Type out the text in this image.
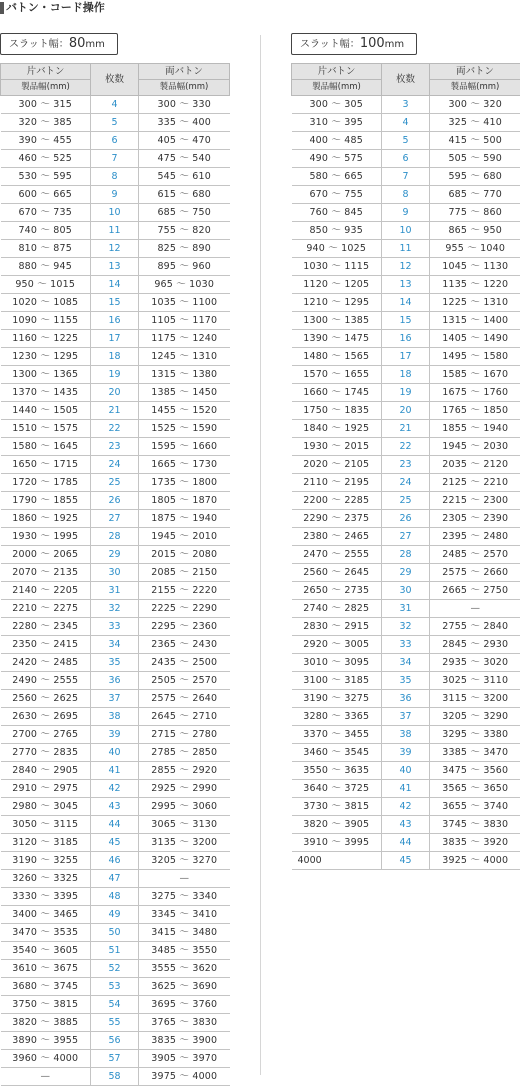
バトン・コード操作
スラット幅：80mm
片バトン	枚数	両バトン
製品幅(mm)		製品幅(mm)
300 ～ 315	4	300 ～ 330
320 ～ 385	5	335 ～ 400
390 ～ 455	6	405 ～ 470
460 ～ 525	7	475 ～ 540
530 ～ 595	8	545 ～ 610
600 ～ 665	9	615 ～ 680
670 ～ 735	10	685 ～ 750
740 ～ 805	11	755 ～ 820
810 ～ 875	12	825 ～ 890
880 ～ 945	13	895 ～ 960
950 ～ 1015	14	965 ～ 1030
1020 ～ 1085	15	1035 ～ 1100
1090 ～ 1155	16	1105 ～ 1170
1160 ～ 1225	17	1175 ～ 1240
1230 ～ 1295	18	1245 ～ 1310
1300 ～ 1365	19	1315 ～ 1380
1370 ～ 1435	20	1385 ～ 1450
1440 ～ 1505	21	1455 ～ 1520
1510 ～ 1575	22	1525 ～ 1590
1580 ～ 1645	23	1595 ～ 1660
1650 ～ 1715	24	1665 ～ 1730
1720 ～ 1785	25	1735 ～ 1800
1790 ～ 1855	26	1805 ～ 1870
1860 ～ 1925	27	1875 ～ 1940
1930 ～ 1995	28	1945 ～ 2010
2000 ～ 2065	29	2015 ～ 2080
2070 ～ 2135	30	2085 ～ 2150
2140 ～ 2205	31	2155 ～ 2220
2210 ～ 2275	32	2225 ～ 2290
2280 ～ 2345	33	2295 ～ 2360
2350 ～ 2415	34	2365 ～ 2430
2420 ～ 2485	35	2435 ～ 2500
2490 ～ 2555	36	2505 ～ 2570
2560 ～ 2625	37	2575 ～ 2640
2630 ～ 2695	38	2645 ～ 2710
2700 ～ 2765	39	2715 ～ 2780
2770 ～ 2835	40	2785 ～ 2850
2840 ～ 2905	41	2855 ～ 2920
2910 ～ 2975	42	2925 ～ 2990
2980 ～ 3045	43	2995 ～ 3060
3050 ～ 3115	44	3065 ～ 3130
3120 ～ 3185	45	3135 ～ 3200
3190 ～ 3255	46	3205 ～ 3270
3260 ～ 3325	47	—
3330 ～ 3395	48	3275 ～ 3340
3400 ～ 3465	49	3345 ～ 3410
3470 ～ 3535	50	3415 ～ 3480
3540 ～ 3605	51	3485 ～ 3550
3610 ～ 3675	52	3555 ～ 3620
3680 ～ 3745	53	3625 ～ 3690
3750 ～ 3815	54	3695 ～ 3760
3820 ～ 3885	55	3765 ～ 3830
3890 ～ 3955	56	3835 ～ 3900
3960 ～ 4000	57	3905 ～ 3970
—	58	3975 ～ 4000
スラット幅：100mm
片バトン	枚数	両バトン
製品幅(mm)		製品幅(mm)
300 ～ 305	3	300 ～ 320
310 ～ 395	4	325 ～ 410
400 ～ 485	5	415 ～ 500
490 ～ 575	6	505 ～ 590
580 ～ 665	7	595 ～ 680
670 ～ 755	8	685 ～ 770
760 ～ 845	9	775 ～ 860
850 ～ 935	10	865 ～ 950
940 ～ 1025	11	955 ～ 1040
1030 ～ 1115	12	1045 ～ 1130
1120 ～ 1205	13	1135 ～ 1220
1210 ～ 1295	14	1225 ～ 1310
1300 ～ 1385	15	1315 ～ 1400
1390 ～ 1475	16	1405 ～ 1490
1480 ～ 1565	17	1495 ～ 1580
1570 ～ 1655	18	1585 ～ 1670
1660 ～ 1745	19	1675 ～ 1760
1750 ～ 1835	20	1765 ～ 1850
1840 ～ 1925	21	1855 ～ 1940
1930 ～ 2015	22	1945 ～ 2030
2020 ～ 2105	23	2035 ～ 2120
2110 ～ 2195	24	2125 ～ 2210
2200 ～ 2285	25	2215 ～ 2300
2290 ～ 2375	26	2305 ～ 2390
2380 ～ 2465	27	2395 ～ 2480
2470 ～ 2555	28	2485 ～ 2570
2560 ～ 2645	29	2575 ～ 2660
2650 ～ 2735	30	2665 ～ 2750
2740 ～ 2825	31	—
2830 ～ 2915	32	2755 ～ 2840
2920 ～ 3005	33	2845 ～ 2930
3010 ～ 3095	34	2935 ～ 3020
3100 ～ 3185	35	3025 ～ 3110
3190 ～ 3275	36	3115 ～ 3200
3280 ～ 3365	37	3205 ～ 3290
3370 ～ 3455	38	3295 ～ 3380
3460 ～ 3545	39	3385 ～ 3470
3550 ～ 3635	40	3475 ～ 3560
3640 ～ 3725	41	3565 ～ 3650
3730 ～ 3815	42	3655 ～ 3740
3820 ～ 3905	43	3745 ～ 3830
3910 ～ 3995	44	3835 ～ 3920
4000	45	3925 ～ 4000
